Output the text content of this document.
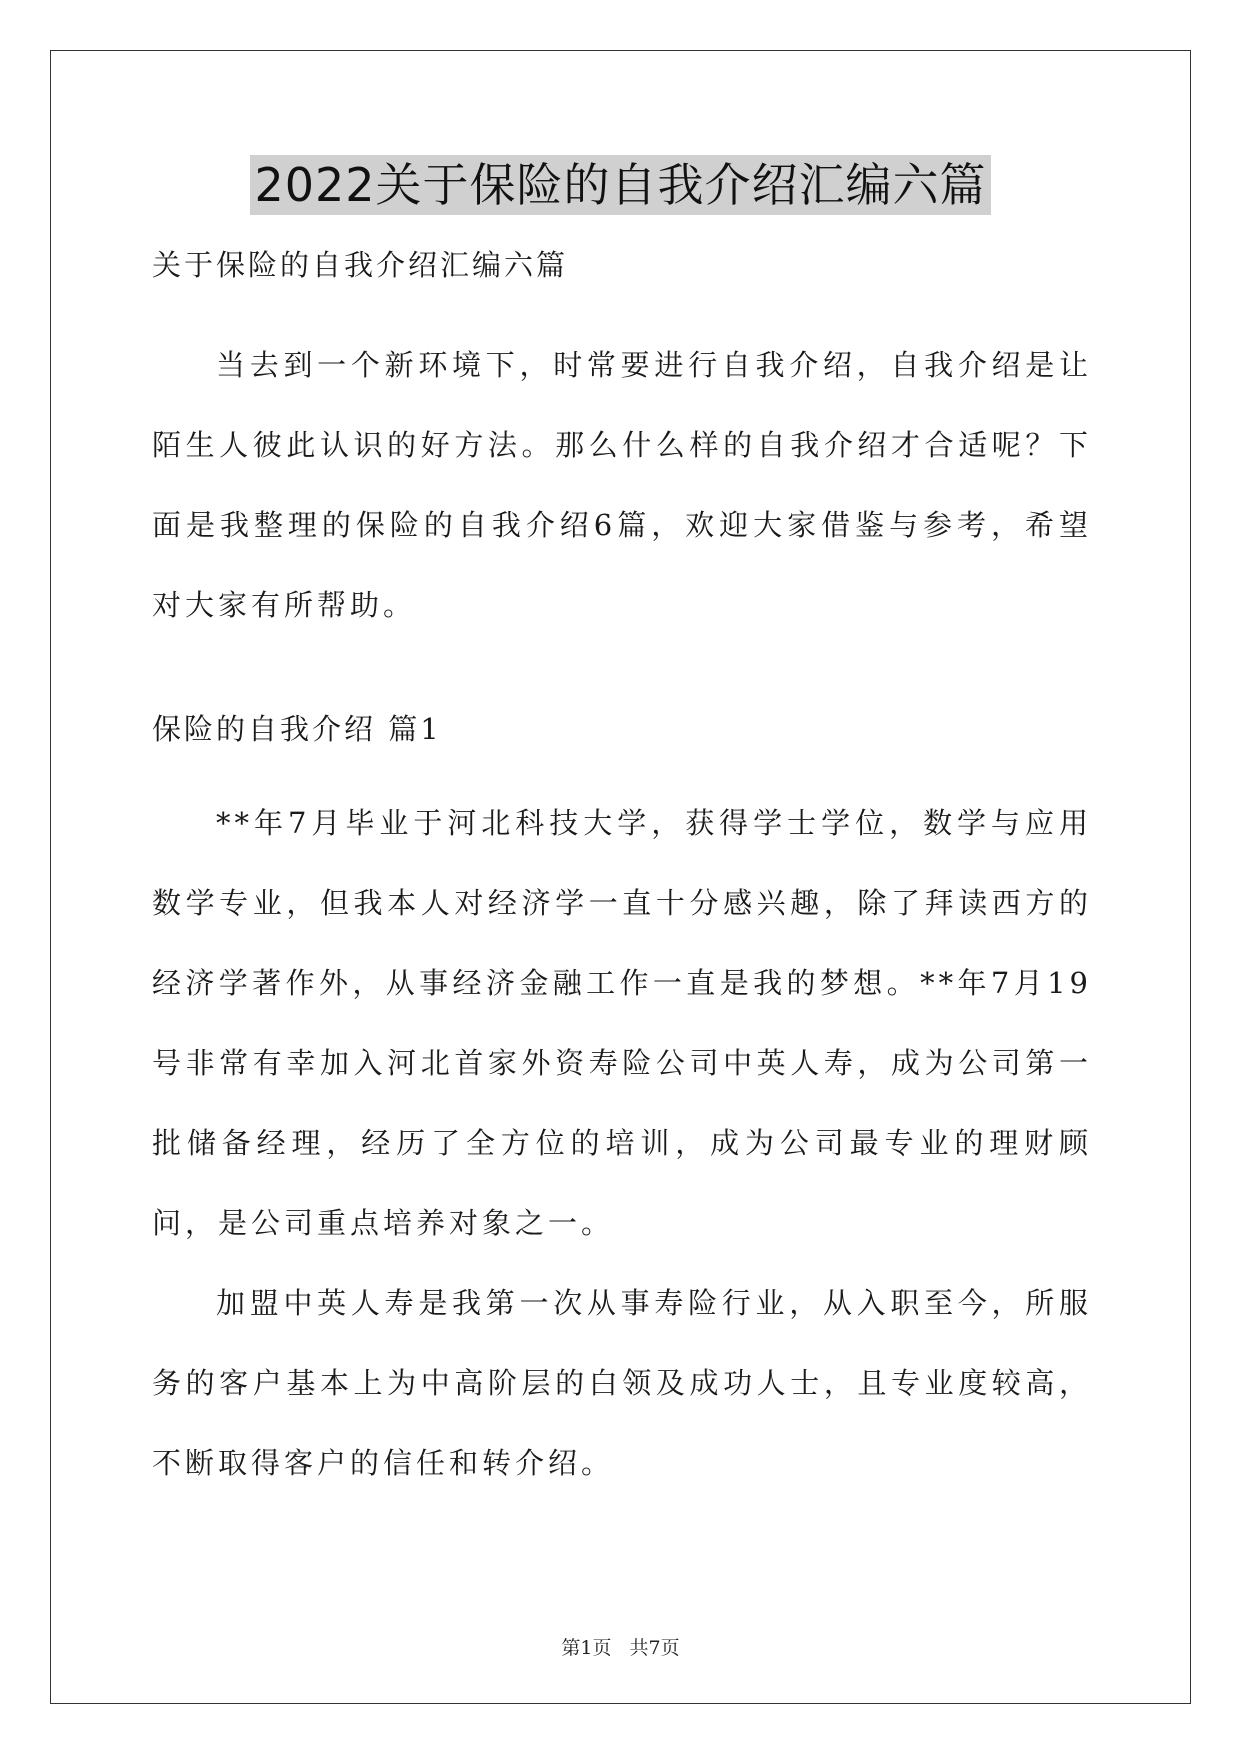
2022关于保险的自我介绍汇编六篇

关于保险的自我介绍汇编六篇

当去到一个新环境下，时常要进行自我介绍，自我介绍是让陌生人彼此认识的好方法。那么什么样的自我介绍才合适呢？下面是我整理的保险的自我介绍6篇，欢迎大家借鉴与参考，希望对大家有所帮助。

保险的自我介绍 篇1

**年7月毕业于河北科技大学，获得学士学位，数学与应用数学专业，但我本人对经济学一直十分感兴趣，除了拜读西方的经济学著作外，从事经济金融工作一直是我的梦想。**年7月19号非常有幸加入河北首家外资寿险公司中英人寿，成为公司第一批储备经理，经历了全方位的培训，成为公司最专业的理财顾问，是公司重点培养对象之一。

加盟中英人寿是我第一次从事寿险行业，从入职至今，所服务的客户基本上为中高阶层的白领及成功人士，且专业度较高，不断取得客户的信任和转介绍。

第1页 共7页
